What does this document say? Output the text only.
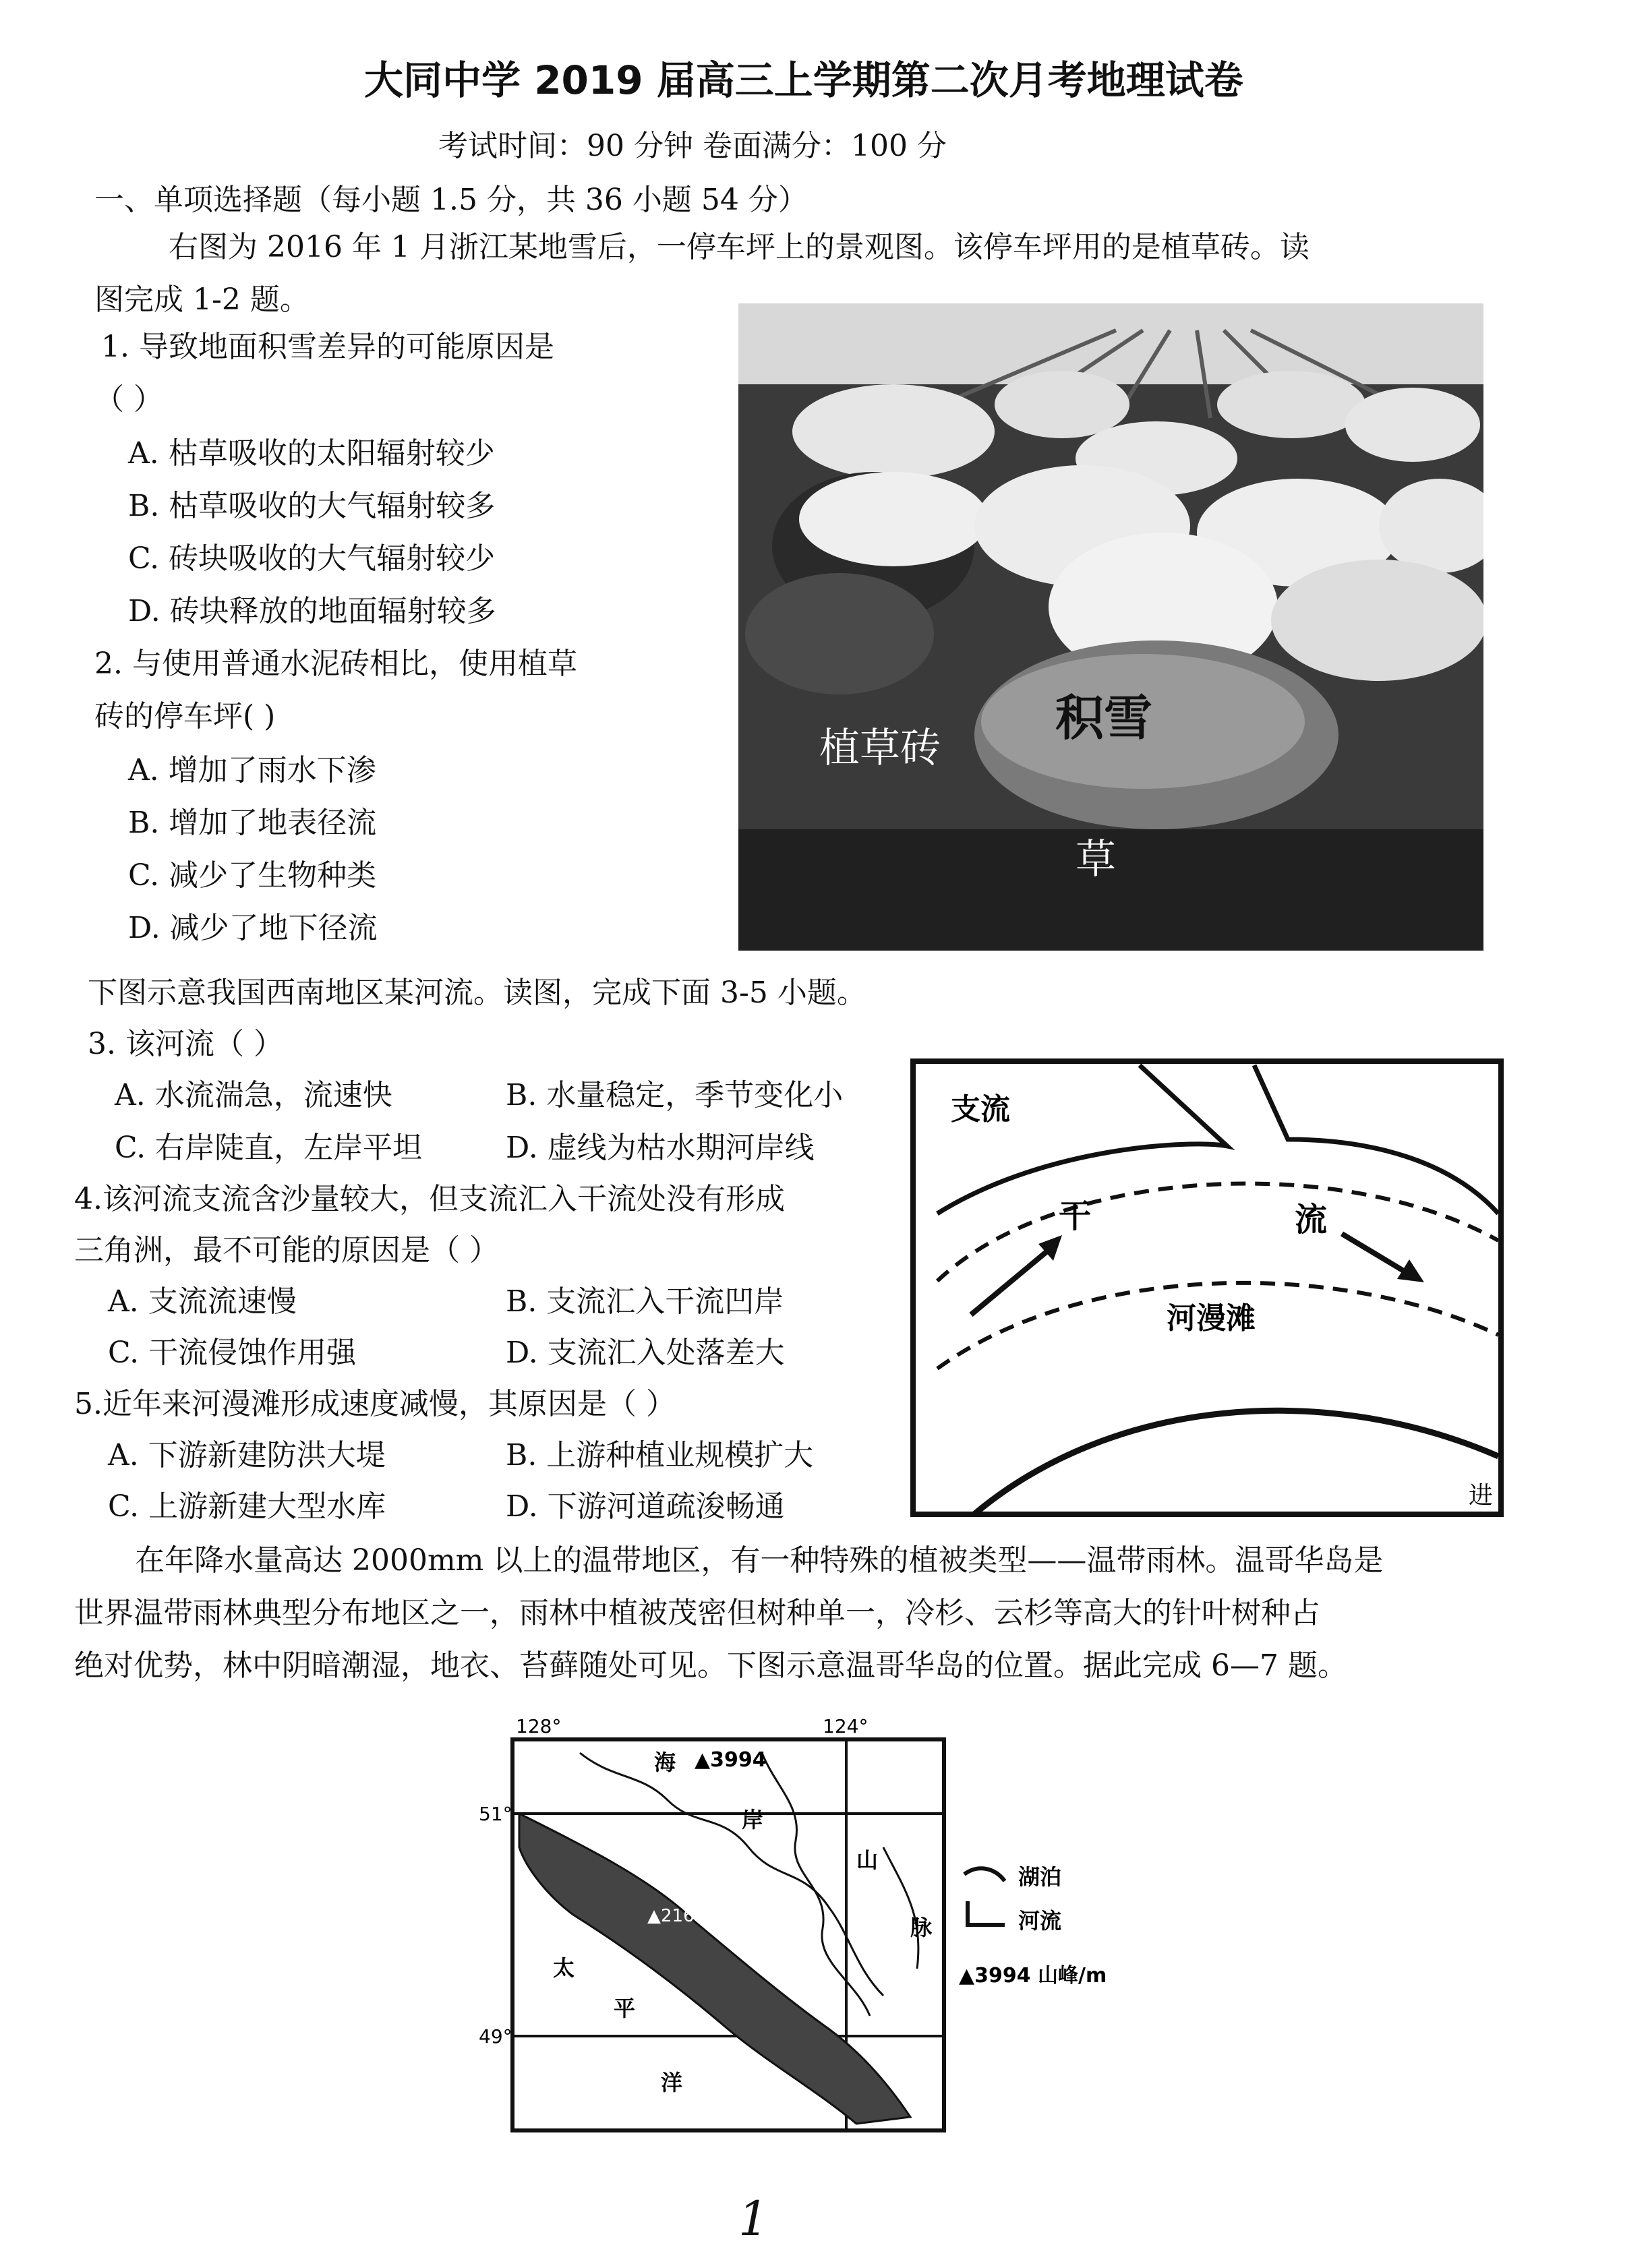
大同中学 2019 届高三上学期第二次月考地理试卷
考试时间：90 分钟 卷面满分：100 分
一、单项选择题（每小题 1.5 分，共 36 小题 54 分）
右图为 2016 年 1 月浙江某地雪后，一停车坪上的景观图。该停车坪用的是植草砖。读
图完成 1-2 题。
1. 导致地面积雪差异的可能原因是
（ ）
A. 枯草吸收的太阳辐射较少
B. 枯草吸收的大气辐射较多
C. 砖块吸收的大气辐射较少
D. 砖块释放的地面辐射较多
2. 与使用普通水泥砖相比，使用植草
砖的停车坪( )
A. 增加了雨水下渗
B. 增加了地表径流
C. 减少了生物种类
D. 减少了地下径流
植草砖
积雪
草
下图示意我国西南地区某河流。读图，完成下面 3-5 小题。
3. 该河流（ ）
A. 水流湍急，流速快	B. 水量稳定，季节变化小
C. 右岸陡直，左岸平坦	D. 虚线为枯水期河岸线
4.该河流支流含沙量较大，但支流汇入干流处没有形成
三角洲，最不可能的原因是（ ）
A. 支流流速慢	B. 支流汇入干流凹岸
C. 干流侵蚀作用强	D. 支流汇入处落差大
5.近年来河漫滩形成速度减慢，其原因是（ ）
A. 下游新建防洪大堤	B. 上游种植业规模扩大
C. 上游新建大型水库	D. 下游河道疏浚畅通
支流
干	流
河漫滩
进
在年降水量高达 2000mm 以上的温带地区，有一种特殊的植被类型——温带雨林。温哥华岛是
世界温带雨林典型分布地区之一，雨林中植被茂密但树种单一，冷杉、云杉等高大的针叶树种占
绝对优势，林中阴暗潮湿，地衣、苔藓随处可见。下图示意温哥华岛的位置。据此完成 6—7 题。
128°	124°
51°
49°
▲3994
▲2160
海
岸
山
脉
太
平
洋
湖泊
河流
▲3994 山峰/m
1
